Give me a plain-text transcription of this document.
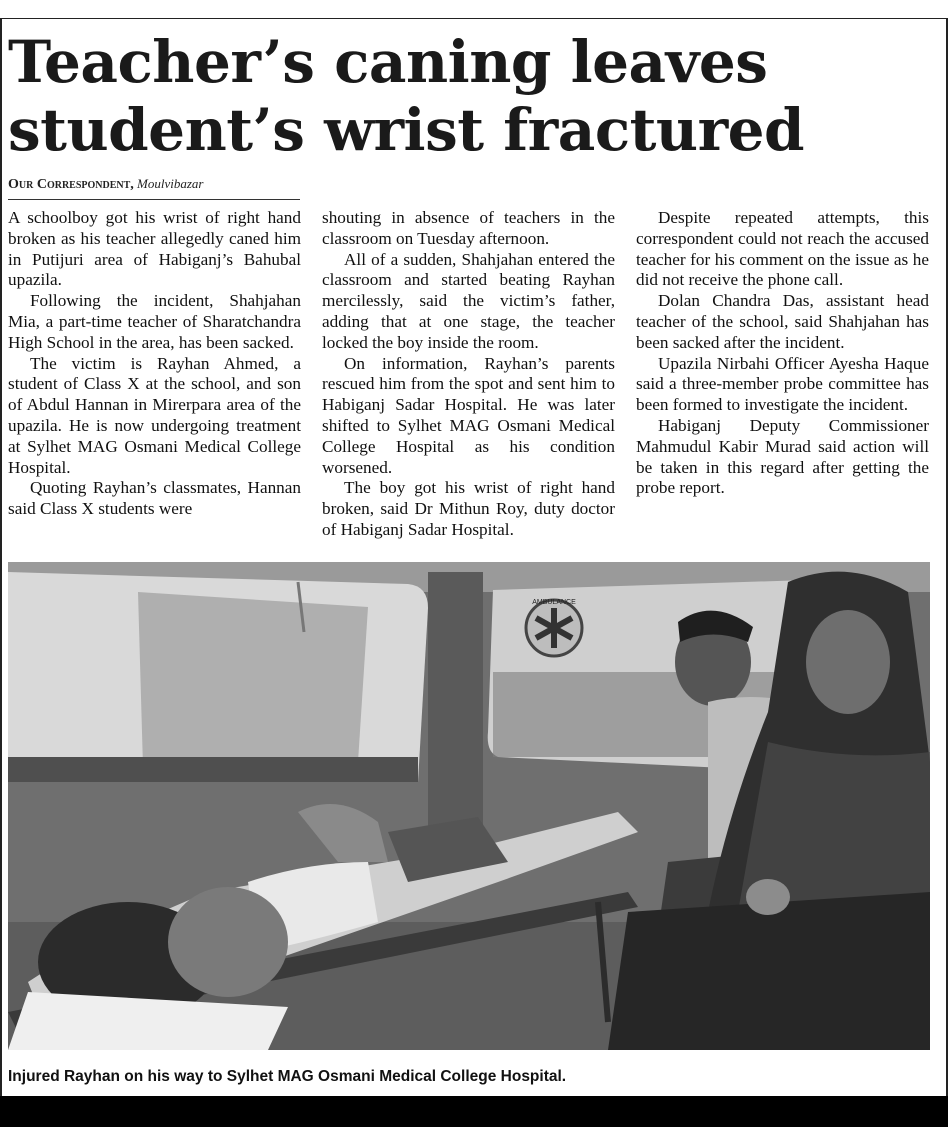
Teacher’s caning leaves student’s wrist fractured
Our Correspondent, Moulvibazar

A schoolboy got his wrist of right hand broken as his teacher allegedly caned him in Putijuri area of Habiganj’s Bahubal upazila.

Following the incident, Shahjahan Mia, a part-time teacher of Sharatchandra High School in the area, has been sacked.

The victim is Rayhan Ahmed, a student of Class X at the school, and son of Abdul Hannan in Mirerpara area of the upazila. He is now undergoing treatment at Sylhet MAG Osmani Medical College Hospital.

Quoting Rayhan’s classmates, Hannan said Class X students were

shouting in absence of teachers in the classroom on Tuesday afternoon.

All of a sudden, Shahjahan entered the classroom and started beating Rayhan mercilessly, said the victim’s father, adding that at one stage, the teacher locked the boy inside the room.

On information, Rayhan’s parents rescued him from the spot and sent him to Habiganj Sadar Hospital. He was later shifted to Sylhet MAG Osmani Medical College Hospital as his condition worsened.

The boy got his wrist of right hand broken, said Dr Mithun Roy, duty doctor of Habiganj Sadar Hospital.

Despite repeated attempts, this correspondent could not reach the accused teacher for his comment on the issue as he did not receive the phone call.

Dolan Chandra Das, assistant head teacher of the school, said Shahjahan has been sacked after the incident.

Upazila Nirbahi Officer Ayesha Haque said a three-member probe committee has been formed to investigate the incident.

Habiganj Deputy Commissioner Mahmudul Kabir Murad said action will be taken in this regard after getting the probe report.

AMBULANCE

Injured Rayhan on his way to Sylhet MAG Osmani Medical College Hospital.
